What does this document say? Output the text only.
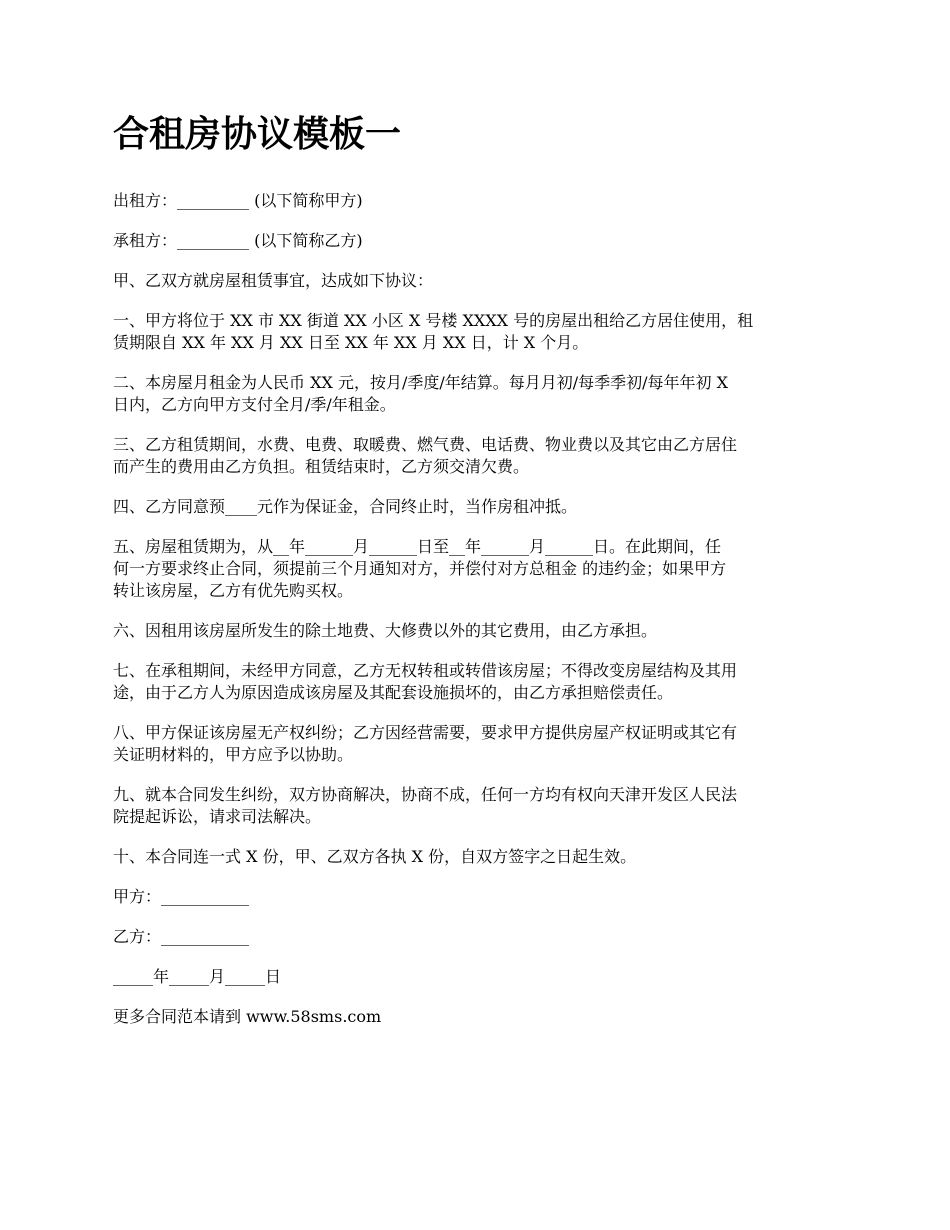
合租房协议模板一

出租方：_________ (以下简称甲方)

承租方：_________ (以下简称乙方)

甲、乙双方就房屋租赁事宜，达成如下协议：

一、甲方将位于 XX 市 XX 街道 XX 小区 X 号楼 XXXX 号的房屋出租给乙方居住使用，租
赁期限自 XX 年 XX 月 XX 日至 XX 年 XX 月 XX 日，计 X 个月。

二、本房屋月租金为人民币 XX 元，按月/季度/年结算。每月月初/每季季初/每年年初 X
日内，乙方向甲方支付全月/季/年租金。

三、乙方租赁期间，水费、电费、取暖费、燃气费、电话费、物业费以及其它由乙方居住
而产生的费用由乙方负担。租赁结束时，乙方须交清欠费。

四、乙方同意预____元作为保证金，合同终止时，当作房租冲抵。

五、房屋租赁期为，从__年______月______日至__年______月______日。在此期间，任
何一方要求终止合同，须提前三个月通知对方，并偿付对方总租金 的违约金；如果甲方
转让该房屋，乙方有优先购买权。

六、因租用该房屋所发生的除土地费、大修费以外的其它费用，由乙方承担。

七、在承租期间，未经甲方同意，乙方无权转租或转借该房屋；不得改变房屋结构及其用
途，由于乙方人为原因造成该房屋及其配套设施损坏的，由乙方承担赔偿责任。

八、甲方保证该房屋无产权纠纷；乙方因经营需要，要求甲方提供房屋产权证明或其它有
关证明材料的，甲方应予以协助。

九、就本合同发生纠纷，双方协商解决，协商不成，任何一方均有权向天津开发区人民法
院提起诉讼，请求司法解决。

十、本合同连一式 X 份，甲、乙双方各执 X 份，自双方签字之日起生效。

甲方：___________

乙方：___________

_____年_____月_____日

更多合同范本请到 www.58sms.com
